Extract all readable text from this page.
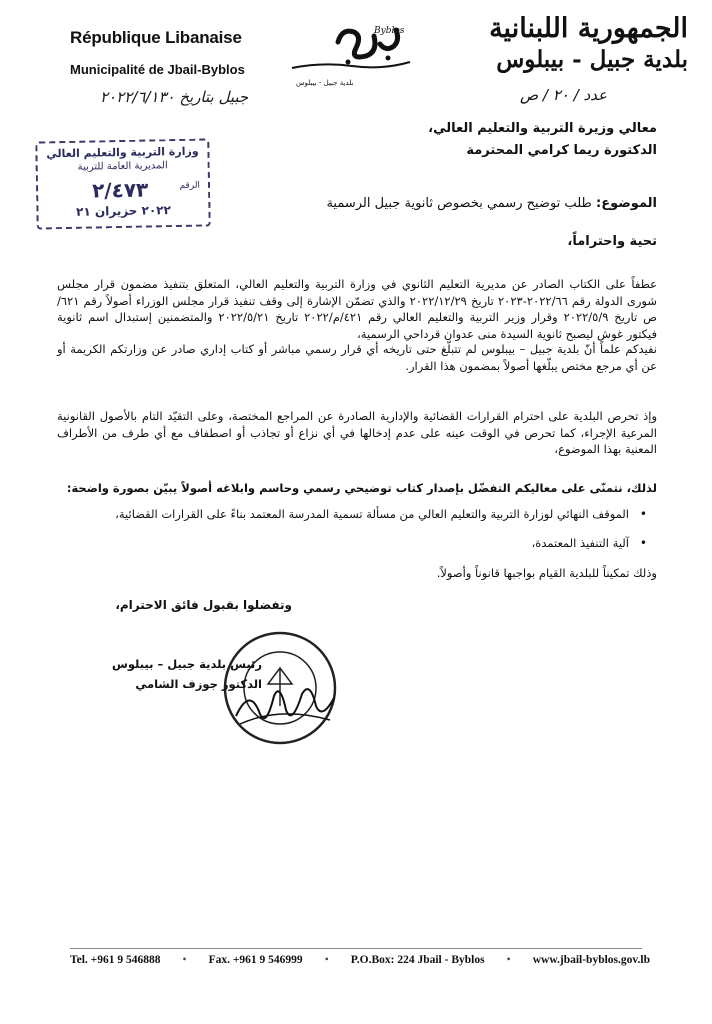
République Libanaise
Municipalité de Jbail-Byblos
Byblos
بلدية جبيل - بيبلوس
الجمهورية اللبنانية
بلدية جبيل - بيبلوس
جبيل بتاريخ ٢٠٢٢/٦/١٣٠	عدد / ٢٠ / ص
وزارة التربية والتعليم العالي
المديرية العامة للتربية
الرقم
٢/٤٧٣
٢٠٢٢ حزيران ٢١
معالي وزيرة التربية والتعليم العالي،
الدكتورة ريما كرامي المحترمة
الموضوع: طلب توضيح رسمي بخصوص ثانوية جبيل الرسمية
تحية واحتراماً،
عطفاً على الكتاب الصادر عن مديرية التعليم الثانوي في وزارة التربية والتعليم العالي، المتعلق بتنفيذ مضمون قرار مجلس شورى الدولة رقم ٢٠٢٢/٦٦-٢٠٢٣ تاريخ ٢٠٢٢/١٢/٢٩ والذي تضمّن الإشارة إلى وقف تنفيذ قرار مجلس الوزراء أصولاً رقم ٦٢١/ص تاريخ ٢٠٢٢/٥/٩ وقرار وزير التربية والتعليم العالي رقم ٤٢١/م/٢٠٢٢ تاريخ ٢٠٢٢/٥/٢١ والمتضمنين إستبدال اسم ثانوية فيكتور غوش ليصبح ثانوية السيدة منى عدوان قرداحي الرسمية،
نفيدكم علماً أنّ بلدية جبيل – بيبلوس لم تتبلّغ حتى تاريخه أي قرار رسمي مباشر أو كتاب إداري صادر عن وزارتكم الكريمة أو عن أي مرجع مختص يبلّغها أصولاً بمضمون هذا القرار.
وإذ تحرص البلدية على احترام القرارات القضائية والإدارية الصادرة عن المراجع المختصة، وعلى التقيّد التام بالأصول القانونية المرعية الإجراء، كما تحرص في الوقت عينه على عدم إدخالها في أي نزاع أو تجاذب أو اصطفاف مع أي طرف من الأطراف المعنية بهذا الموضوع،
لذلك، نتمنّى على معاليكم التفضّل بإصدار كتاب توضيحي رسمي وحاسم وابلاغه أصولاً يبيّن بصورة واضحة:
•
الموقف النهائي لوزارة التربية والتعليم العالي من مسألة تسمية المدرسة المعتمد بناءً على القرارات القضائية،
•
آلية التنفيذ المعتمدة،
وذلك تمكيناً للبلدية القيام بواجبها قانوناً وأصولاً.
وتفضلوا بقبول فائق الاحترام،
رئيس بلدية جبيل – بيبلوس
الدكتور جوزف الشامي
Tel. +961 9 546888 • Fax. +961 9 546999 • P.O.Box: 224 Jbail - Byblos • www.jbail-byblos.gov.lb
